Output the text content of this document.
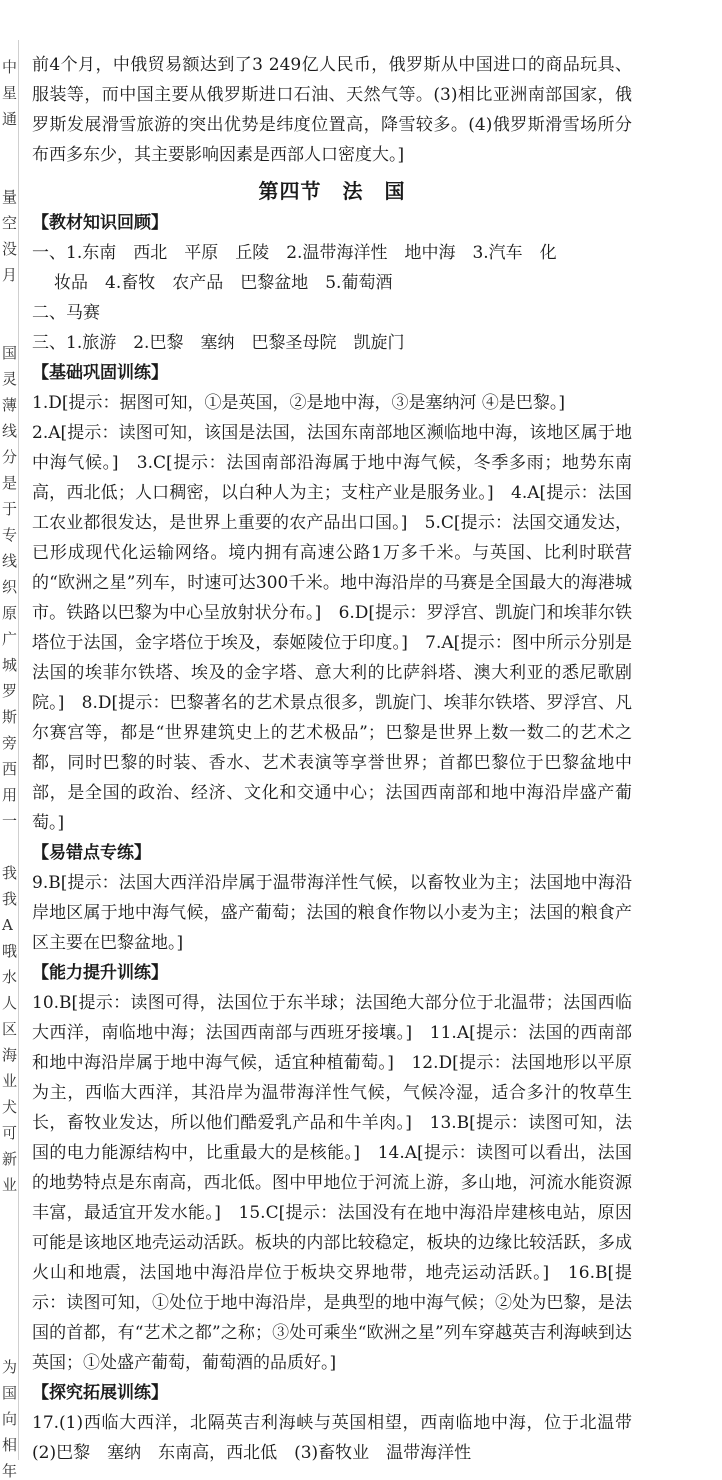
中
星
通
量
空
没
月
国
灵
薄
线
分
是
于
专
线
织
原
广
城
罗
斯
旁
西
用
一
我
我
A
哦
水
人
区
海
业
犬
可
新
业
为
国
向
相
年

前4个月，中俄贸易额达到了3 249亿人民币，俄罗斯从中国进口的商品玩具、服装等，而中国主要从俄罗斯进口石油、天然气等。(3)相比亚洲南部国家，俄罗斯发展滑雪旅游的突出优势是纬度位置高，降雪较多。(4)俄罗斯滑雪场所分布西多东少，其主要影响因素是西部人口密度大。]

第四节　法　国
【教材知识回顾】

一、1.东南　西北　平原　丘陵　2.温带海洋性　地中海　3.汽车　化

妆品　4.畜牧　农产品　巴黎盆地　5.葡萄酒

二、马赛

三、1.旅游　2.巴黎　塞纳　巴黎圣母院　凯旋门

【基础巩固训练】

1.D[提示：据图可知，①是英国，②是地中海，③是塞纳河 ④是巴黎。]

2.A[提示：读图可知，该国是法国，法国东南部地区濒临地中海，该地区属于地中海气候。]　3.C[提示：法国南部沿海属于地中海气候，冬季多雨；地势东南高，西北低；人口稠密，以白种人为主；支柱产业是服务业。]　4.A[提示：法国工农业都很发达，是世界上重要的农产品出口国。]　5.C[提示：法国交通发达，已形成现代化运输网络。境内拥有高速公路1万多千米。与英国、比利时联营的“欧洲之星”列车，时速可达300千米。地中海沿岸的马赛是全国最大的海港城市。铁路以巴黎为中心呈放射状分布。]　6.D[提示：罗浮宫、凯旋门和埃菲尔铁塔位于法国，金字塔位于埃及，泰姬陵位于印度。]　7.A[提示：图中所示分别是法国的埃菲尔铁塔、埃及的金字塔、意大利的比萨斜塔、澳大利亚的悉尼歌剧院。]　8.D[提示：巴黎著名的艺术景点很多，凯旋门、埃菲尔铁塔、罗浮宫、凡尔赛宫等，都是“世界建筑史上的艺术极品”；巴黎是世界上数一数二的艺术之都，同时巴黎的时装、香水、艺术表演等享誉世界；首都巴黎位于巴黎盆地中部，是全国的政治、经济、文化和交通中心；法国西南部和地中海沿岸盛产葡萄。]

【易错点专练】

9.B[提示：法国大西洋沿岸属于温带海洋性气候，以畜牧业为主；法国地中海沿岸地区属于地中海气候，盛产葡萄；法国的粮食作物以小麦为主；法国的粮食产区主要在巴黎盆地。]

【能力提升训练】

10.B[提示：读图可得，法国位于东半球；法国绝大部分位于北温带；法国西临大西洋，南临地中海；法国西南部与西班牙接壤。]　11.A[提示：法国的西南部和地中海沿岸属于地中海气候，适宜种植葡萄。]　12.D[提示：法国地形以平原为主，西临大西洋，其沿岸为温带海洋性气候，气候冷湿，适合多汁的牧草生长，畜牧业发达，所以他们酷爱乳产品和牛羊肉。]　13.B[提示：读图可知，法国的电力能源结构中，比重最大的是核能。]　14.A[提示：读图可以看出，法国的地势特点是东南高，西北低。图中甲地位于河流上游，多山地，河流水能资源丰富，最适宜开发水能。]　15.C[提示：法国没有在地中海沿岸建核电站，原因可能是该地区地壳运动活跃。板块的内部比较稳定，板块的边缘比较活跃，多成火山和地震，法国地中海沿岸位于板块交界地带，地壳运动活跃。]　16.B[提示：读图可知，①处位于地中海沿岸，是典型的地中海气候；②处为巴黎，是法国的首都，有“艺术之都”之称；③处可乘坐“欧洲之星”列车穿越英吉利海峡到达英国；①处盛产葡萄，葡萄酒的品质好。]

【探究拓展训练】

17.(1)西临大西洋，北隔英吉利海峡与英国相望，西南临地中海，位于北温带　(2)巴黎　塞纳　东南高，西北低　(3)畜牧业　温带海洋性
